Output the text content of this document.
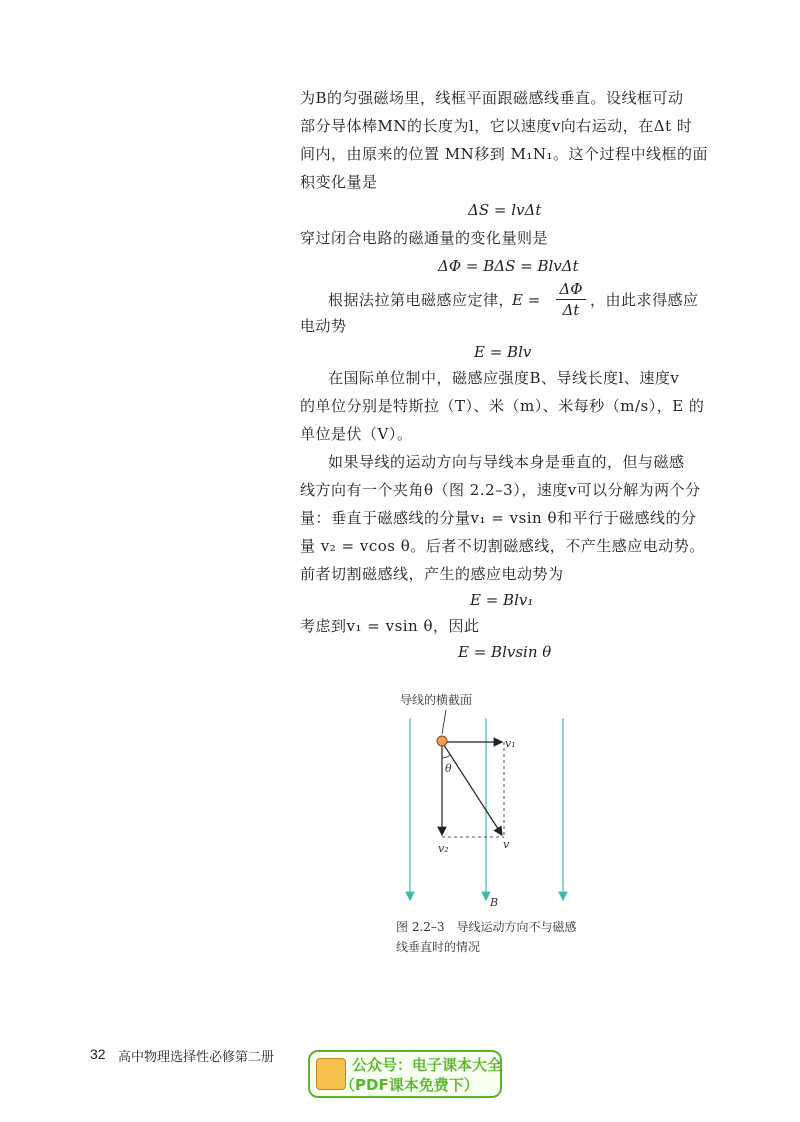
为B的匀强磁场里，线框平面跟磁感线垂直。设线框可动
部分导体棒MN的长度为l，它以速度v向右运动，在Δt 时
间内，由原来的位置 MN移到 M₁N₁。这个过程中线框的面
积变化量是
ΔS = lvΔt
穿过闭合电路的磁通量的变化量则是
ΔΦ = BΔS = BlvΔt
根据法拉第电磁感应定律，
E =
ΔΦ
Δt
，由此求得感应
电动势
E = Blv
在国际单位制中，磁感应强度B、导线长度l、速度v
的单位分别是特斯拉（T）、米（m）、米每秒（m/s），E 的
单位是伏（V）。
如果导线的运动方向与导线本身是垂直的，但与磁感
线方向有一个夹角θ（图 2.2–3），速度v可以分解为两个分
量：垂直于磁感线的分量v₁ = vsin θ和平行于磁感线的分
量 v₂ = vcos θ。后者不切割磁感线，不产生感应电动势。
前者切割磁感线，产生的感应电动势为
E = Blv₁
考虑到v₁ = vsin θ，因此
E = Blvsin θ
导线的横截面
v₁
v₂	v
θ
B
图 2.2–3　导线运动方向不与磁感
线垂直时的情况
32 高中物理选择性必修第二册	公众号：电子课本大全
（PDF课本免费下）
